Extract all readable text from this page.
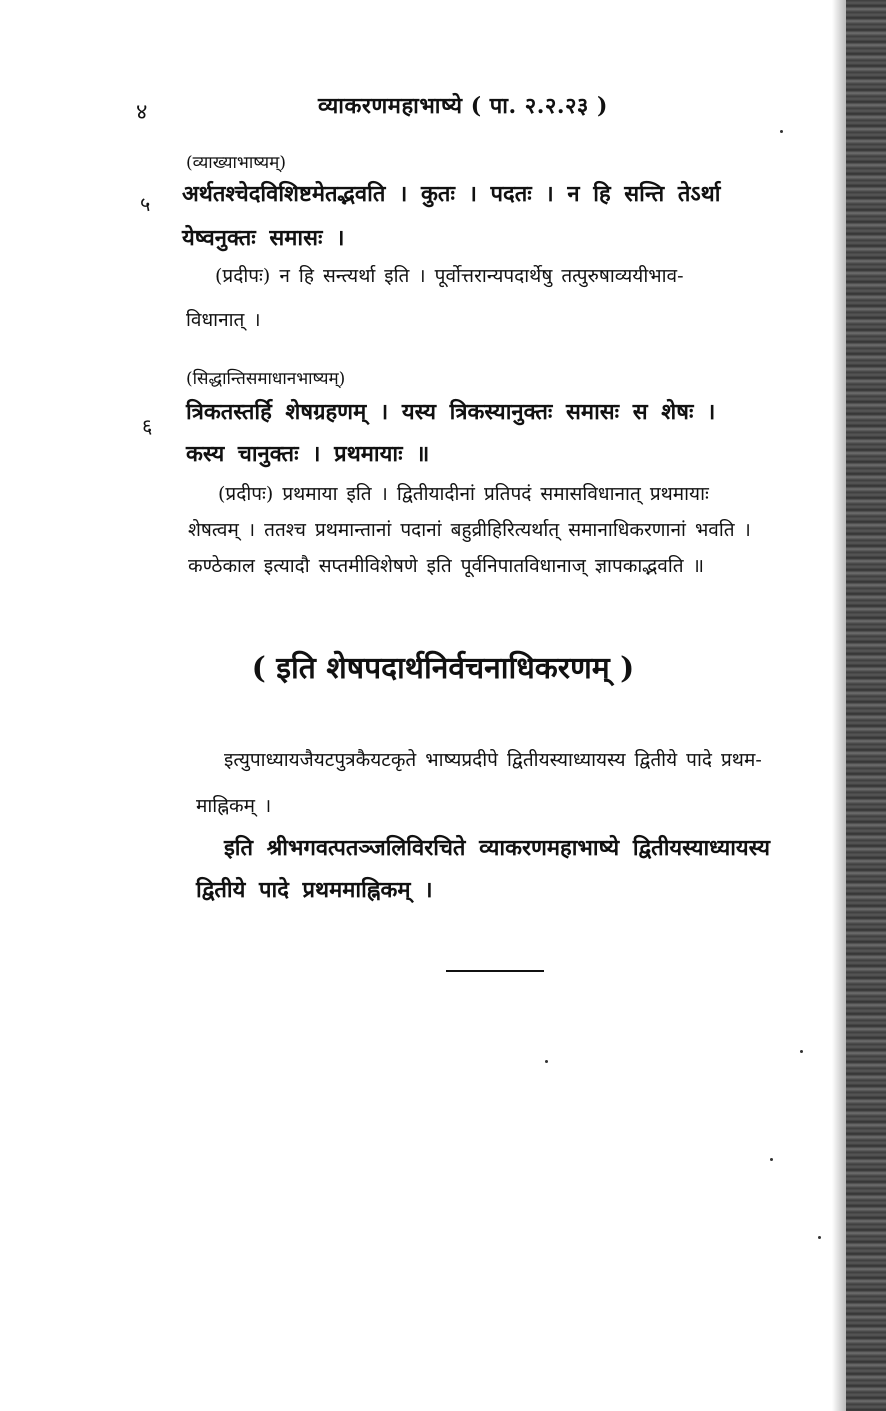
४	व्याकरणमहाभाष्ये ( पा. २.२.२३ )
(व्याख्याभाष्यम्)
५ अर्थतश्चेदविशिष्टमेतद्भवति । कुतः । पदतः । न हि सन्ति तेऽर्था
येष्वनुक्तः समासः ।
(प्रदीपः) न हि सन्त्यर्था इति । पूर्वोत्तरान्यपदार्थेषु तत्पुरुषाव्ययीभाव-
विधानात् ।
(सिद्धान्तिसमाधानभाष्यम्)
६
त्रिकतस्तर्हि शेषग्रहणम् । यस्य त्रिकस्यानुक्तः समासः स शेषः ।
कस्य चानुक्तः । प्रथमायाः ॥
(प्रदीपः) प्रथमाया इति । द्वितीयादीनां प्रतिपदं समासविधानात् प्रथमायाः
शेषत्वम् । ततश्च प्रथमान्तानां पदानां बहुव्रीहिरित्यर्थात् समानाधिकरणानां भवति ।
कण्ठेकाल इत्यादौ सप्तमीविशेषणे इति पूर्वनिपातविधानाज् ज्ञापकाद्भवति ॥
( इति शेषपदार्थनिर्वचनाधिकरणम् )
इत्युपाध्यायजैयटपुत्रकैयटकृते भाष्यप्रदीपे द्वितीयस्याध्यायस्य द्वितीये पादे प्रथम-
माह्निकम् ।
इति श्रीभगवत्पतञ्जलिविरचिते व्याकरणमहाभाष्ये द्वितीयस्याध्यायस्य
द्वितीये पादे प्रथममाह्निकम् ।
